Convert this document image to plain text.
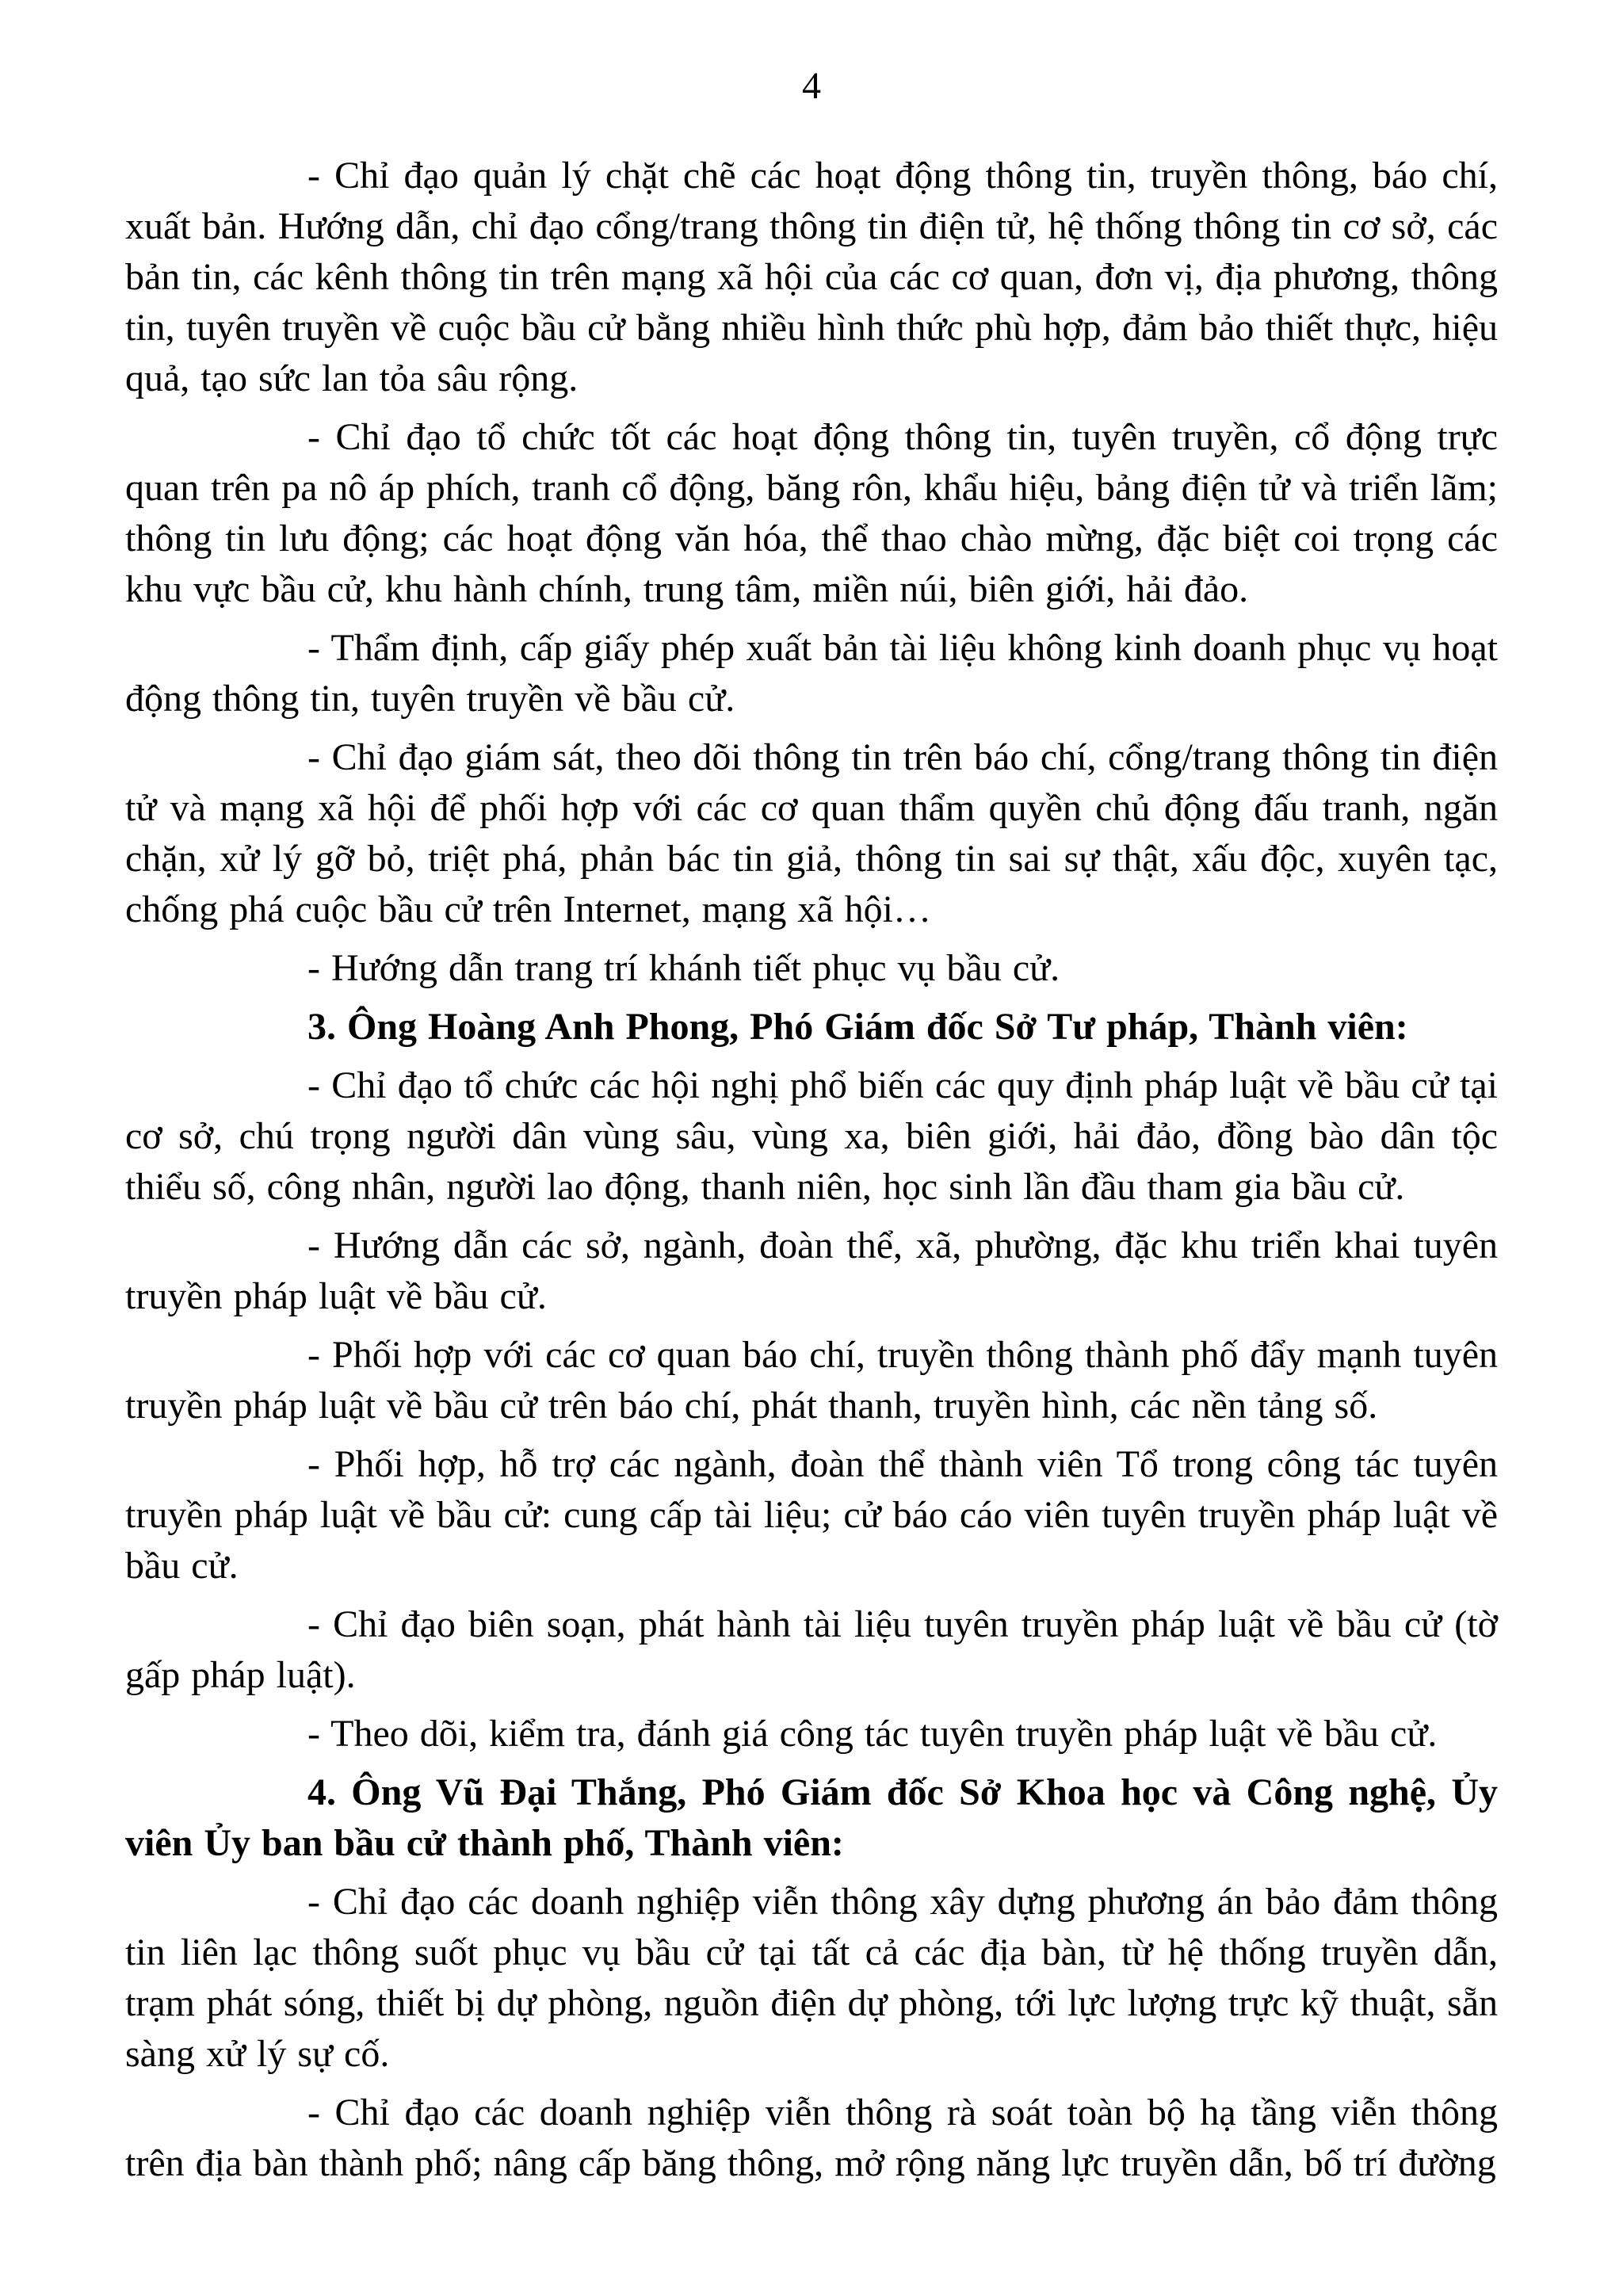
4

- Chỉ đạo quản lý chặt chẽ các hoạt động thông tin, truyền thông, báo chí, xuất bản. Hướng dẫn, chỉ đạo cổng/trang thông tin điện tử, hệ thống thông tin cơ sở, các bản tin, các kênh thông tin trên mạng xã hội của các cơ quan, đơn vị, địa phương, thông tin, tuyên truyền về cuộc bầu cử bằng nhiều hình thức phù hợp, đảm bảo thiết thực, hiệu quả, tạo sức lan tỏa sâu rộng.

- Chỉ đạo tổ chức tốt các hoạt động thông tin, tuyên truyền, cổ động trực quan trên pa nô áp phích, tranh cổ động, băng rôn, khẩu hiệu, bảng điện tử và triển lãm; thông tin lưu động; các hoạt động văn hóa, thể thao chào mừng, đặc biệt coi trọng các khu vực bầu cử, khu hành chính, trung tâm, miền núi, biên giới, hải đảo.

- Thẩm định, cấp giấy phép xuất bản tài liệu không kinh doanh phục vụ hoạt động thông tin, tuyên truyền về bầu cử.

- Chỉ đạo giám sát, theo dõi thông tin trên báo chí, cổng/trang thông tin điện tử và mạng xã hội để phối hợp với các cơ quan thẩm quyền chủ động đấu tranh, ngăn chặn, xử lý gỡ bỏ, triệt phá, phản bác tin giả, thông tin sai sự thật, xấu độc, xuyên tạc, chống phá cuộc bầu cử trên Internet, mạng xã hội…

- Hướng dẫn trang trí khánh tiết phục vụ bầu cử.

3. Ông Hoàng Anh Phong, Phó Giám đốc Sở Tư pháp, Thành viên:

- Chỉ đạo tổ chức các hội nghị phổ biến các quy định pháp luật về bầu cử tại cơ sở, chú trọng người dân vùng sâu, vùng xa, biên giới, hải đảo, đồng bào dân tộc thiểu số, công nhân, người lao động, thanh niên, học sinh lần đầu tham gia bầu cử.

- Hướng dẫn các sở, ngành, đoàn thể, xã, phường, đặc khu triển khai tuyên truyền pháp luật về bầu cử.

- Phối hợp với các cơ quan báo chí, truyền thông thành phố đẩy mạnh tuyên truyền pháp luật về bầu cử trên báo chí, phát thanh, truyền hình, các nền tảng số.

- Phối hợp, hỗ trợ các ngành, đoàn thể thành viên Tổ trong công tác tuyên truyền pháp luật về bầu cử: cung cấp tài liệu; cử báo cáo viên tuyên truyền pháp luật về bầu cử.

- Chỉ đạo biên soạn, phát hành tài liệu tuyên truyền pháp luật về bầu cử (tờ gấp pháp luật).

- Theo dõi, kiểm tra, đánh giá công tác tuyên truyền pháp luật về bầu cử.

4. Ông Vũ Đại Thắng, Phó Giám đốc Sở Khoa học và Công nghệ, Ủy viên Ủy ban bầu cử thành phố, Thành viên:

- Chỉ đạo các doanh nghiệp viễn thông xây dựng phương án bảo đảm thông tin liên lạc thông suốt phục vụ bầu cử tại tất cả các địa bàn, từ hệ thống truyền dẫn, trạm phát sóng, thiết bị dự phòng, nguồn điện dự phòng, tới lực lượng trực kỹ thuật, sẵn sàng xử lý sự cố.

- Chỉ đạo các doanh nghiệp viễn thông rà soát toàn bộ hạ tầng viễn thông trên địa bàn thành phố; nâng cấp băng thông, mở rộng năng lực truyền dẫn, bố trí đường
